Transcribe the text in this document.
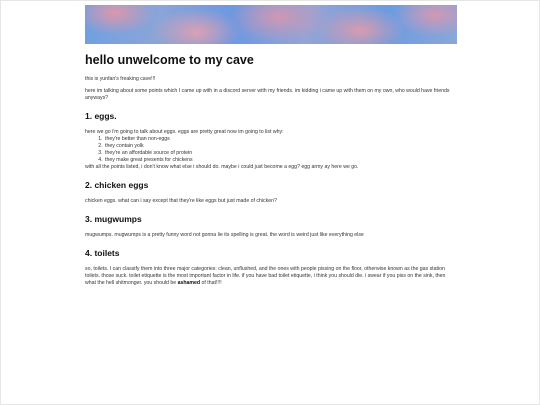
hello unwelcome to my cave

this is yunfan's freaking cave!!!

here im talking about some points which I came up with in a discord server with my friends. im kidding i came up with them on my own, who would have friends anyways?

1. eggs.

here we go i'm going to talk about eggs. eggs are pretty great now im going to list why:

1. they're better than non-eggs
2. they contain yolk
3. they're an affordable source of protein
4. they make great presents for chickens

with all the points listed, i don't know what else i should do. maybe i could just become a egg? egg army ay here we go.

2. chicken eggs

chicken eggs. what can i say except that they're like eggs but just made of chicken?

3. mugwumps

mugwumps. mugwumps is a pretty funny word not gonna lie its spelling is great. the word is weird just like everything else

4. toilets

so, toilets. I can classify them into three major categories: clean, unflushed, and the ones with people pissing on the floor, otherwise known as the gas station toilets. those suck. toilet etiquette is the most important factor in life. if you have bad toilet etiquette, i think you should die. i swear if you piss on the sink, then what the hell shitmonger. you should be ashamed of that!!!!
